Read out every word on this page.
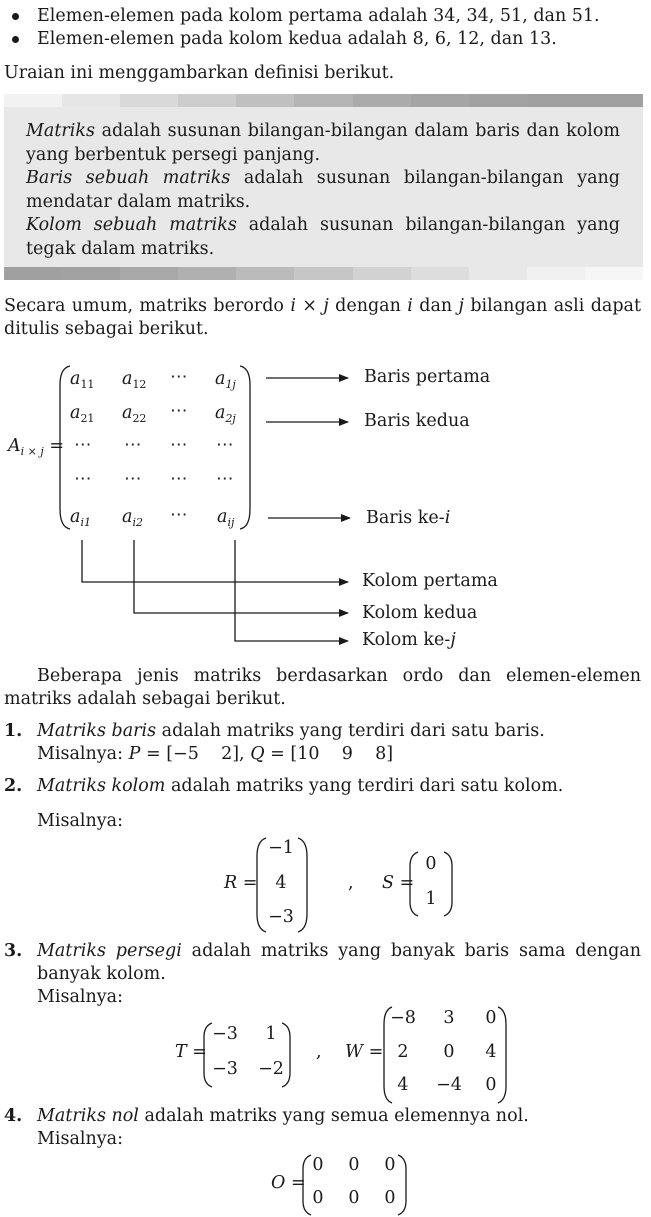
Elemen-elemen pada kolom pertama adalah 34, 34, 51, dan 51.
Elemen-elemen pada kolom kedua adalah 8, 6, 12, dan 13.
Uraian ini menggambarkan definisi berikut.

Matriks adalah susunan bilangan-bilangan dalam baris dan kolom yang berbentuk persegi panjang.

Baris sebuah matriks adalah susunan bilangan-bilangan yang mendatar dalam matriks.

Kolom sebuah matriks adalah susunan bilangan-bilangan yang tegak dalam matriks.

Secara umum, matriks berordo i × j dengan i dan j bilangan asli dapat ditulis sebagai berikut.
$A_{i \times j}$ =
$a_{11}$ $a_{12}$ ⋯ $a_{1j}$
$a_{21}$ $a_{22}$ ⋯ $a_{2j}$
⋯ ⋯ ⋯ ⋯
⋯ ⋯ ⋯ ⋯
$a_{i1}$ $a_{i2}$ ⋯ $a_{ij}$
Baris pertama
Baris kedua
Baris ke-i
Kolom pertama
Kolom kedua
Kolom ke-j
Beberapa jenis matriks berdasarkan ordo dan elemen-elemen matriks adalah sebagai berikut.
1. Matriks baris adalah matriks yang terdiri dari satu baris.
Misalnya: P = [−5    2], Q = [10    9    8]
2. Matriks kolom adalah matriks yang terdiri dari satu kolom.
Misalnya:
R =
−1
4
−3
, S =
0
1
3. Matriks persegi adalah matriks yang banyak baris sama dengan banyak kolom.
Misalnya:
T =
−3	1
−3 −2
, W =
−8	3	0
2	0	4
4	−4	0
4. Matriks nol adalah matriks yang semua elemennya nol.
Misalnya:
O =
0	0	0
0	0	0
